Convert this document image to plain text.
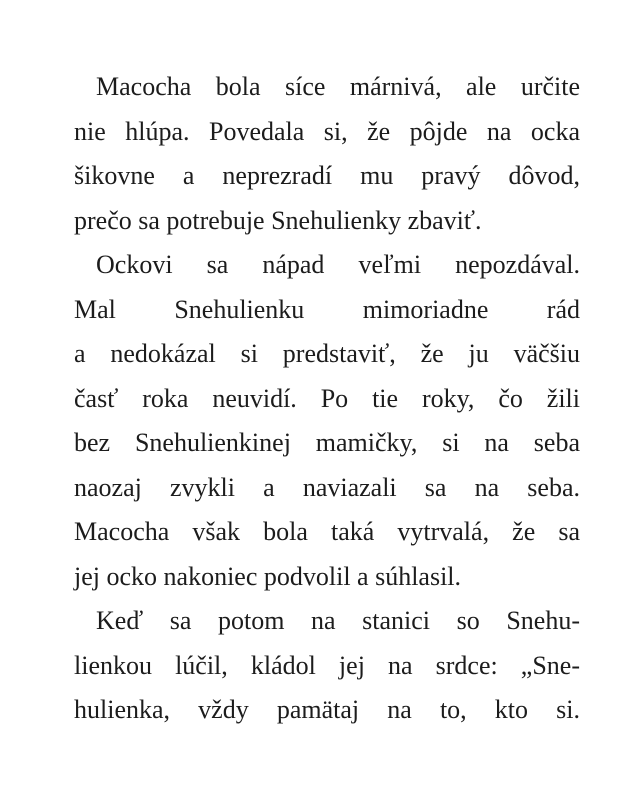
Macocha bola síce márnivá, ale určite
nie hlúpa. Povedala si, že pôjde na ocka
šikovne a neprezradí mu pravý dôvod,
prečo sa potrebuje Snehulienky zbaviť.
Ockovi sa nápad veľmi nepozdával.
Mal Snehulienku mimoriadne rád
a nedokázal si predstaviť, že ju väčšiu
časť roka neuvidí. Po tie roky, čo žili
bez Snehulienkinej mamičky, si na seba
naozaj zvykli a naviazali sa na seba.
Macocha však bola taká vytrvalá, že sa
jej ocko nakoniec podvolil a súhlasil.
Keď sa potom na stanici so Snehu-
lienkou lúčil, kládol jej na srdce: „Sne-
hulienka, vždy pamätaj na to, kto si.
